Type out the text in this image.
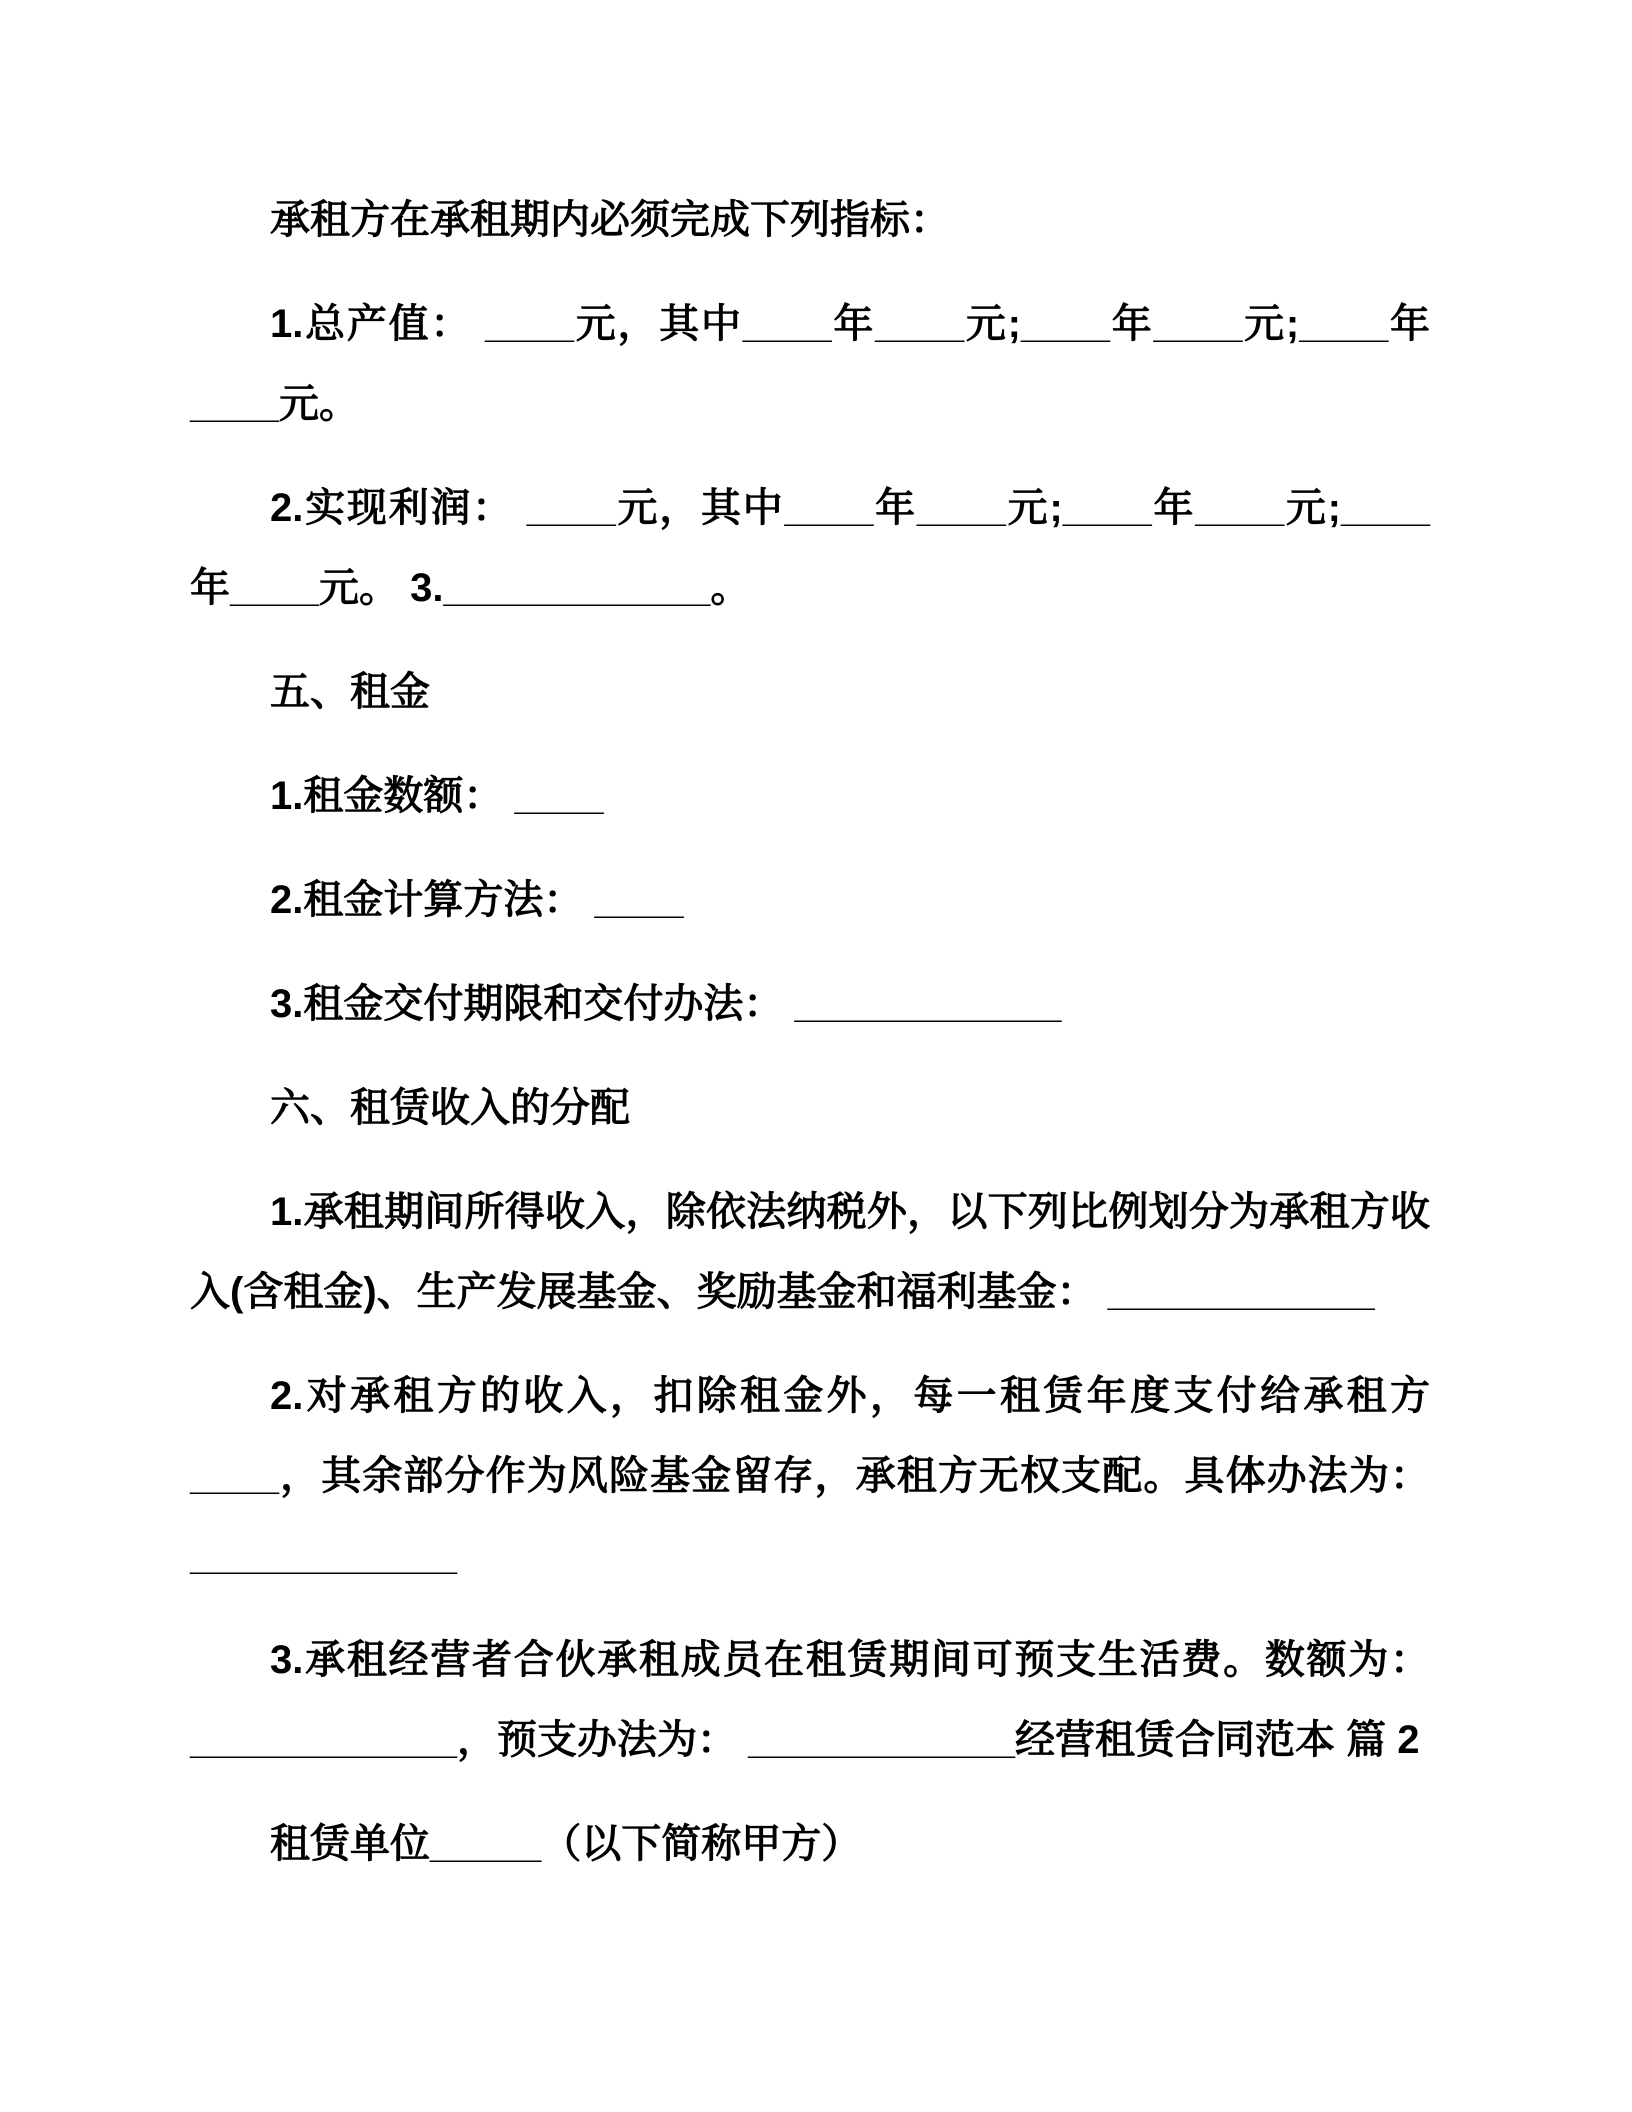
承租方在承租期内必须完成下列指标：

1.总产值： ____元，其中____年____元;____年____元;____年____元。

2.实现利润： ____元，其中____年____元;____年____元;____年____元。 3.____________。

五、租金

1.租金数额： ____

2.租金计算方法： ____

3.租金交付期限和交付办法： ____________

六、租赁收入的分配

1.承租期间所得收入，除依法纳税外，以下列比例划分为承租方收入(含租金)、生产发展基金、奖励基金和福利基金： ____________

2.对承租方的收入，扣除租金外，每一租赁年度支付给承租方____，其余部分作为风险基金留存，承租方无权支配。具体办法为： ____________

3.承租经营者合伙承租成员在租赁期间可预支生活费。数额为： ____________，预支办法为： ____________经营租赁合同范本 篇 2

租赁单位_____（以下简称甲方）
